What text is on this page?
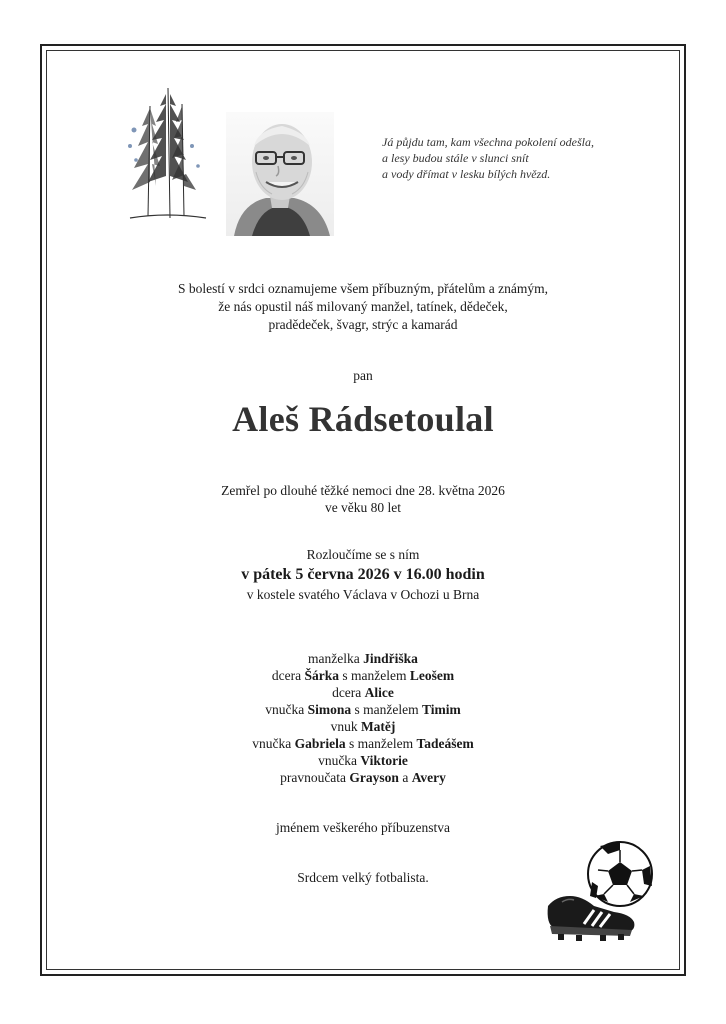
Já půjdu tam, kam všechna pokolení odešla,
a lesy budou stále v slunci snít
a vody dřímat v lesku bílých hvězd.
S bolestí v srdci oznamujeme všem příbuzným, přátelům a známým,
že nás opustil náš milovaný manžel, tatínek, dědeček,
pradědeček, švagr, strýc a kamarád
pan
Aleš Rádsetoulal
Zemřel po dlouhé těžké nemoci dne 28. května 2026
ve věku 80 let
Rozloučíme se s ním
v pátek 5 června 2026 v 16.00 hodin
v kostele svatého Václava v Ochozi u Brna
manželka Jindřiška
dcera Šárka s manželem Leošem
dcera Alice
vnučka Simona s manželem Timim
vnuk Matěj
vnučka Gabriela s manželem Tadeášem
vnučka Viktorie
pravnoučata Grayson a Avery
jménem veškerého příbuzenstva
Srdcem velký fotbalista.
